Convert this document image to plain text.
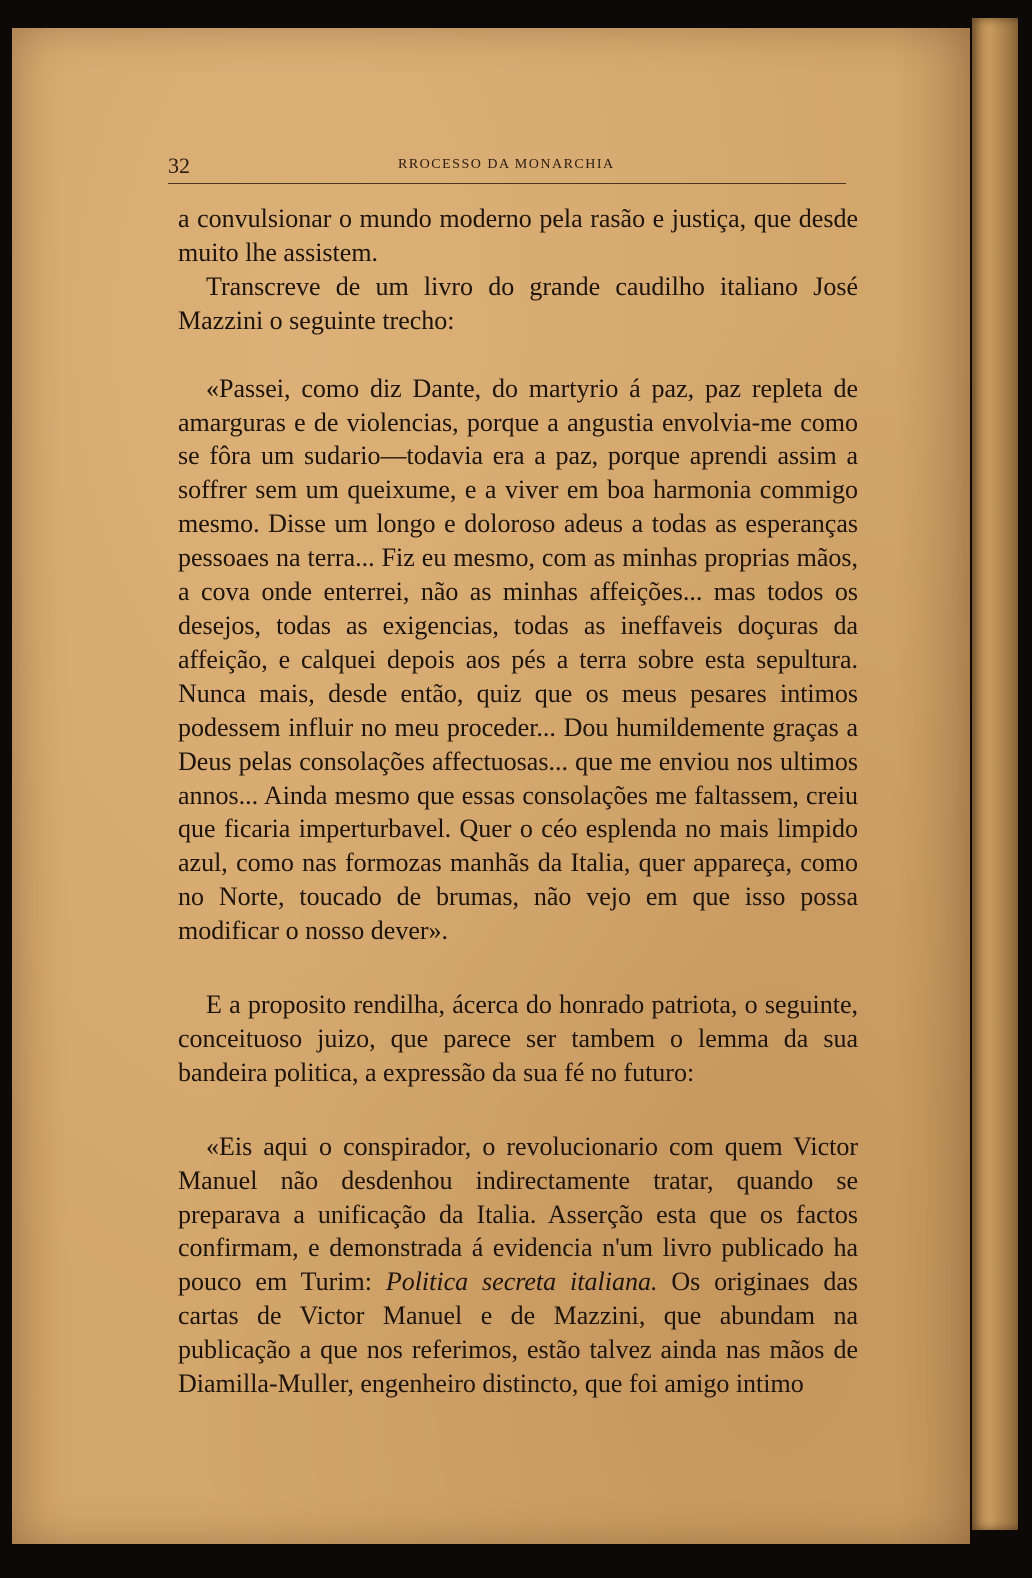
32	RROCESSO DA MONARCHIA

a convulsionar o mundo moderno pela rasão e justiça, que desde muito lhe assistem.

Transcreve de um livro do grande caudilho italiano José Mazzini o seguinte trecho:

«Passei, como diz Dante, do martyrio á paz, paz repleta de amarguras e de violencias, porque a angustia envolvia-me como se fôra um sudario—todavia era a paz, porque aprendi assim a soffrer sem um queixume, e a viver em boa harmonia commigo mesmo. Disse um longo e doloroso adeus a todas as esperanças pessoaes na terra... Fiz eu mesmo, com as minhas proprias mãos, a cova onde enterrei, não as minhas affeições... mas todos os desejos, todas as exigencias, todas as ineffaveis doçuras da affeição, e calquei depois aos pés a terra sobre esta sepultura. Nunca mais, desde então, quiz que os meus pesares intimos podessem influir no meu proceder... Dou humildemente graças a Deus pelas consolações affectuosas... que me enviou nos ultimos annos... Ainda mesmo que essas consolações me faltassem, creiu que ficaria imperturbavel. Quer o céo esplenda no mais limpido azul, como nas formozas manhãs da Italia, quer appareça, como no Norte, toucado de brumas, não vejo em que isso possa modificar o nosso dever».

E a proposito rendilha, ácerca do honrado patriota, o seguinte, conceituoso juizo, que parece ser tambem o lemma da sua bandeira politica, a expressão da sua fé no futuro:

«Eis aqui o conspirador, o revolucionario com quem Victor Manuel não desdenhou indirectamente tratar, quando se preparava a unificação da Italia. Asserção esta que os factos confirmam, e demonstrada á evidencia n'um livro publicado ha pouco em Turim: Politica secreta italiana. Os originaes das cartas de Victor Manuel e de Mazzini, que abundam na publicação a que nos referimos, estão talvez ainda nas mãos de Diamilla-Muller, engenheiro distincto, que foi amigo intimo
